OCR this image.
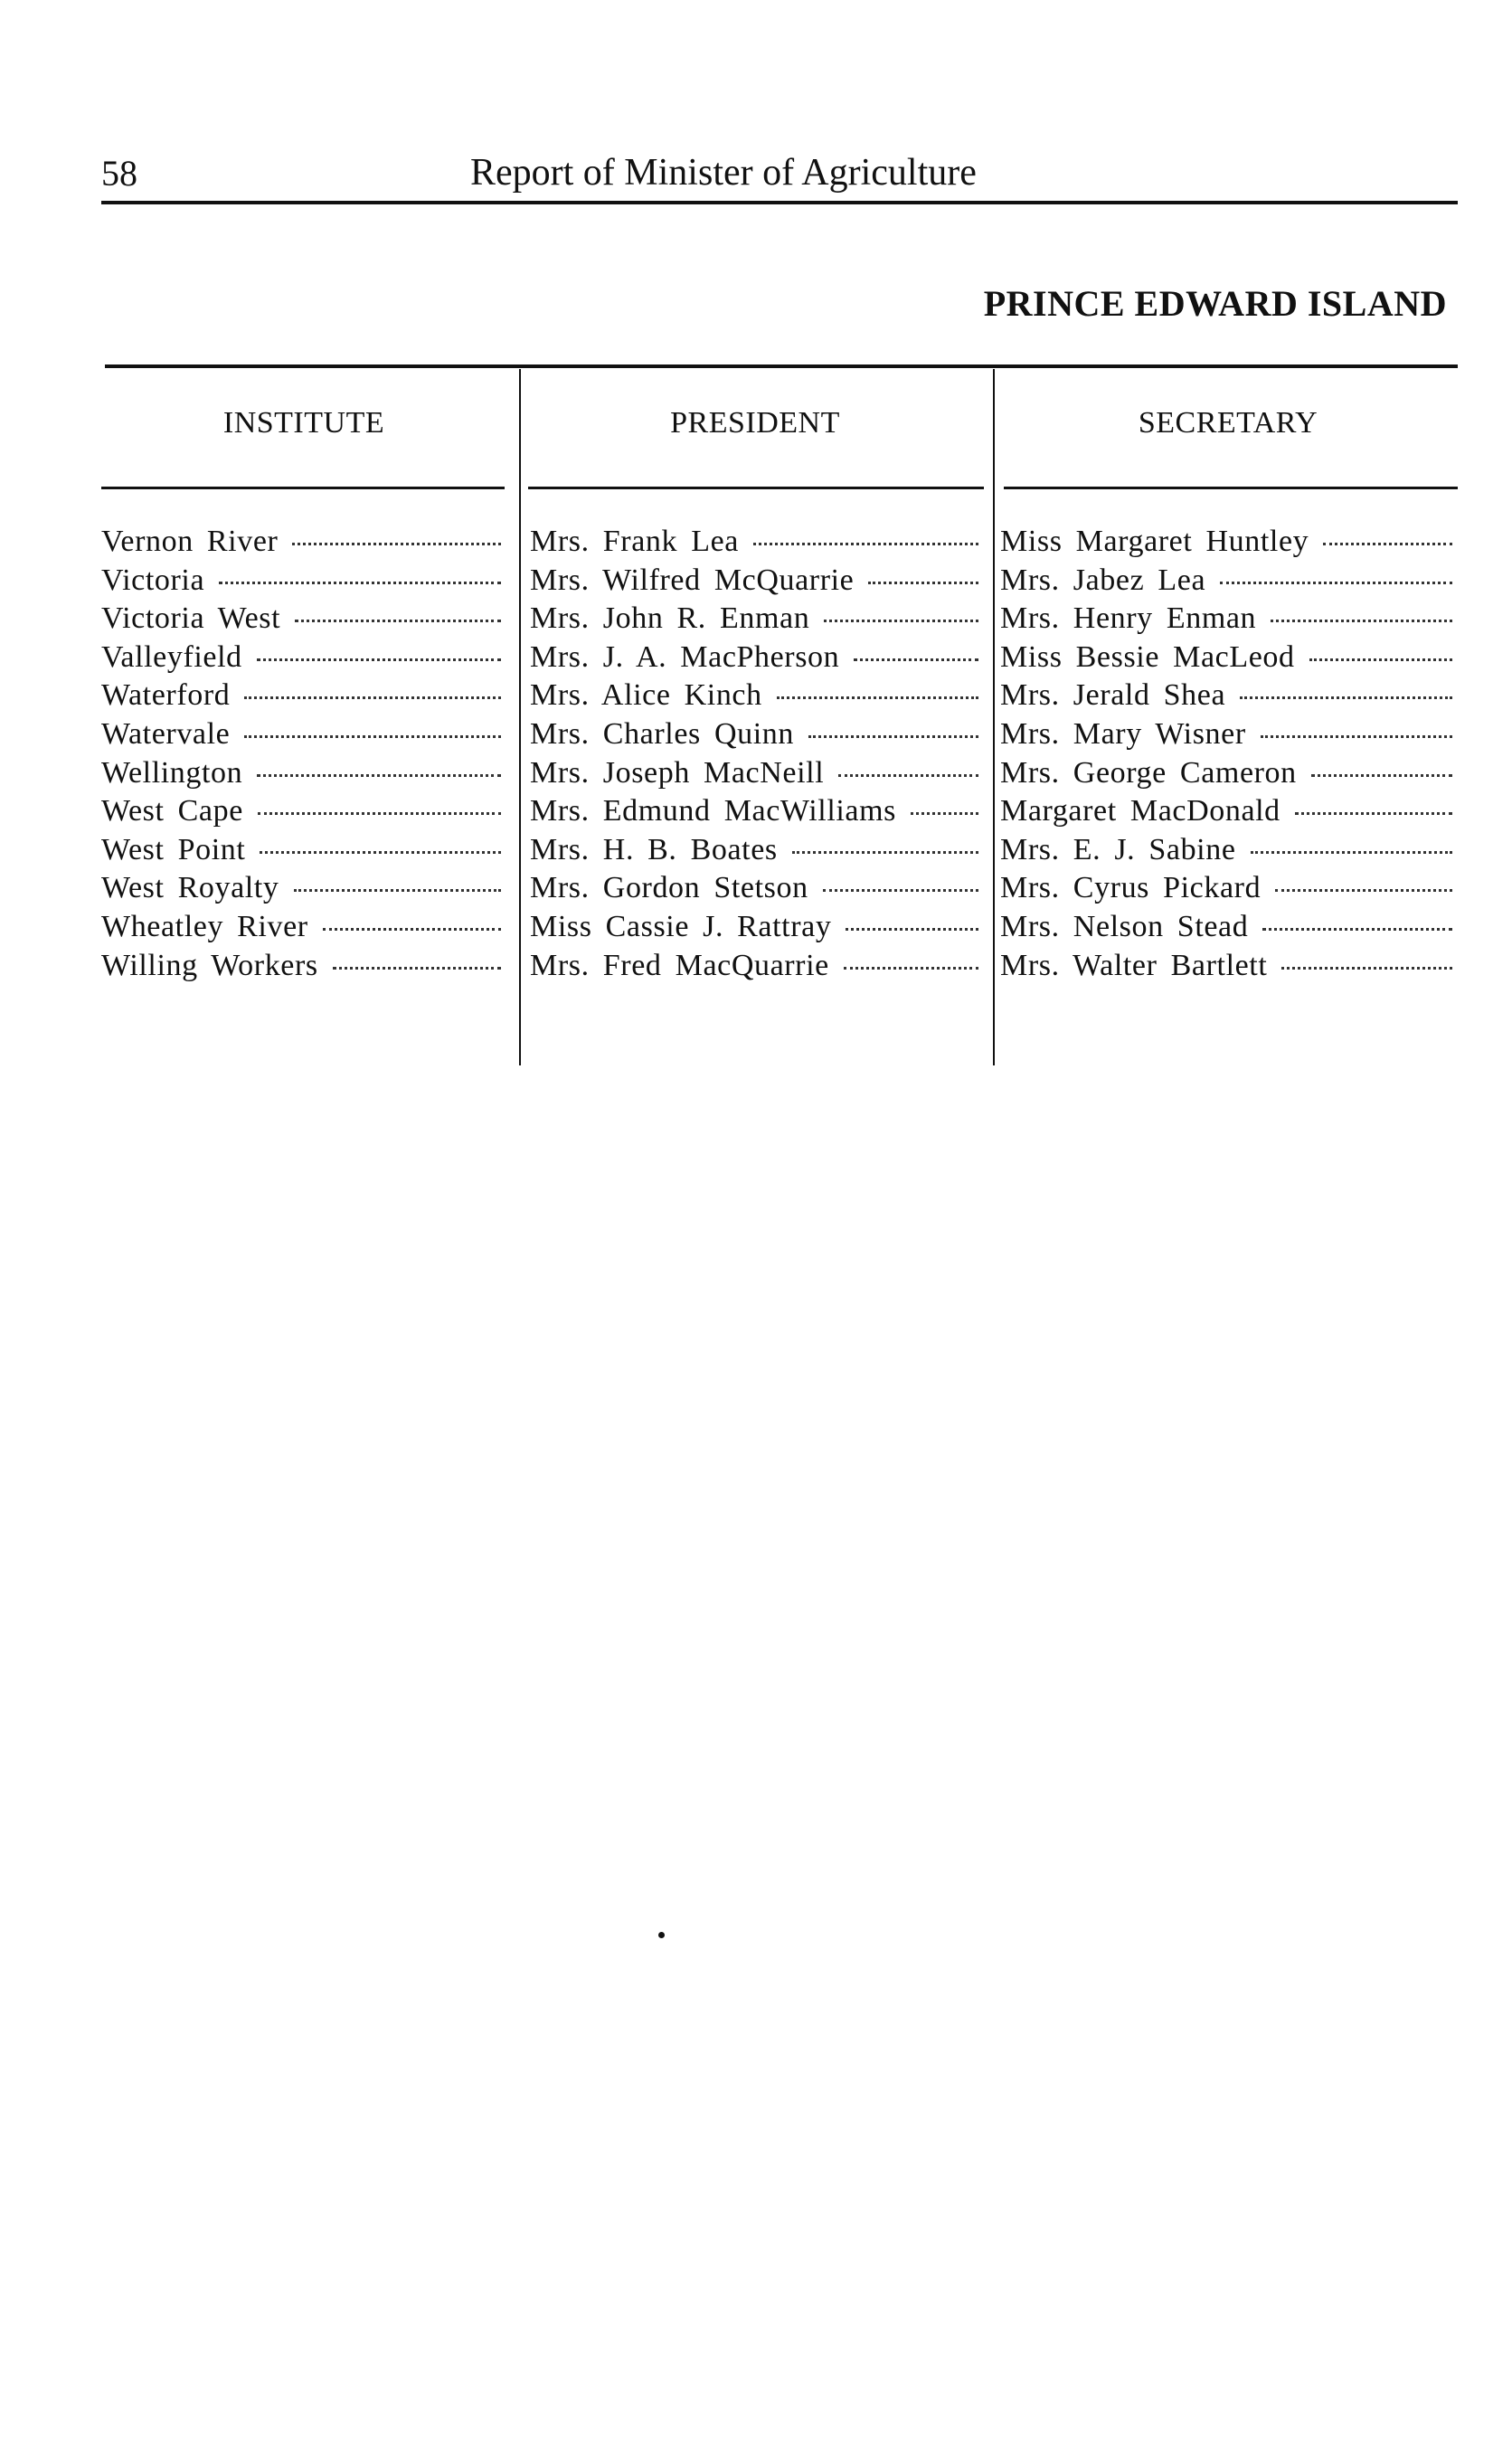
58	Report of Minister of Agriculture
PRINCE EDWARD ISLAND
INSTITUTE	PRESIDENT	SECRETARY
Vernon River	Mrs. Frank Lea	Miss Margaret Huntley
Victoria	Mrs. Wilfred McQuarrie	Mrs. Jabez Lea
Victoria West	Mrs. John R. Enman	Mrs. Henry Enman
Valleyfield	Mrs. J. A. MacPherson	Miss Bessie MacLeod
Waterford	Mrs. Alice Kinch	Mrs. Jerald Shea
Watervale	Mrs. Charles Quinn	Mrs. Mary Wisner
Wellington	Mrs. Joseph MacNeill	Mrs. George Cameron
West Cape	Mrs. Edmund MacWilliams	Margaret MacDonald
West Point	Mrs. H. B. Boates	Mrs. E. J. Sabine
West Royalty	Mrs. Gordon Stetson	Mrs. Cyrus Pickard
Wheatley River	Miss Cassie J. Rattray	Mrs. Nelson Stead
Willing Workers	Mrs. Fred MacQuarrie	Mrs. Walter Bartlett
